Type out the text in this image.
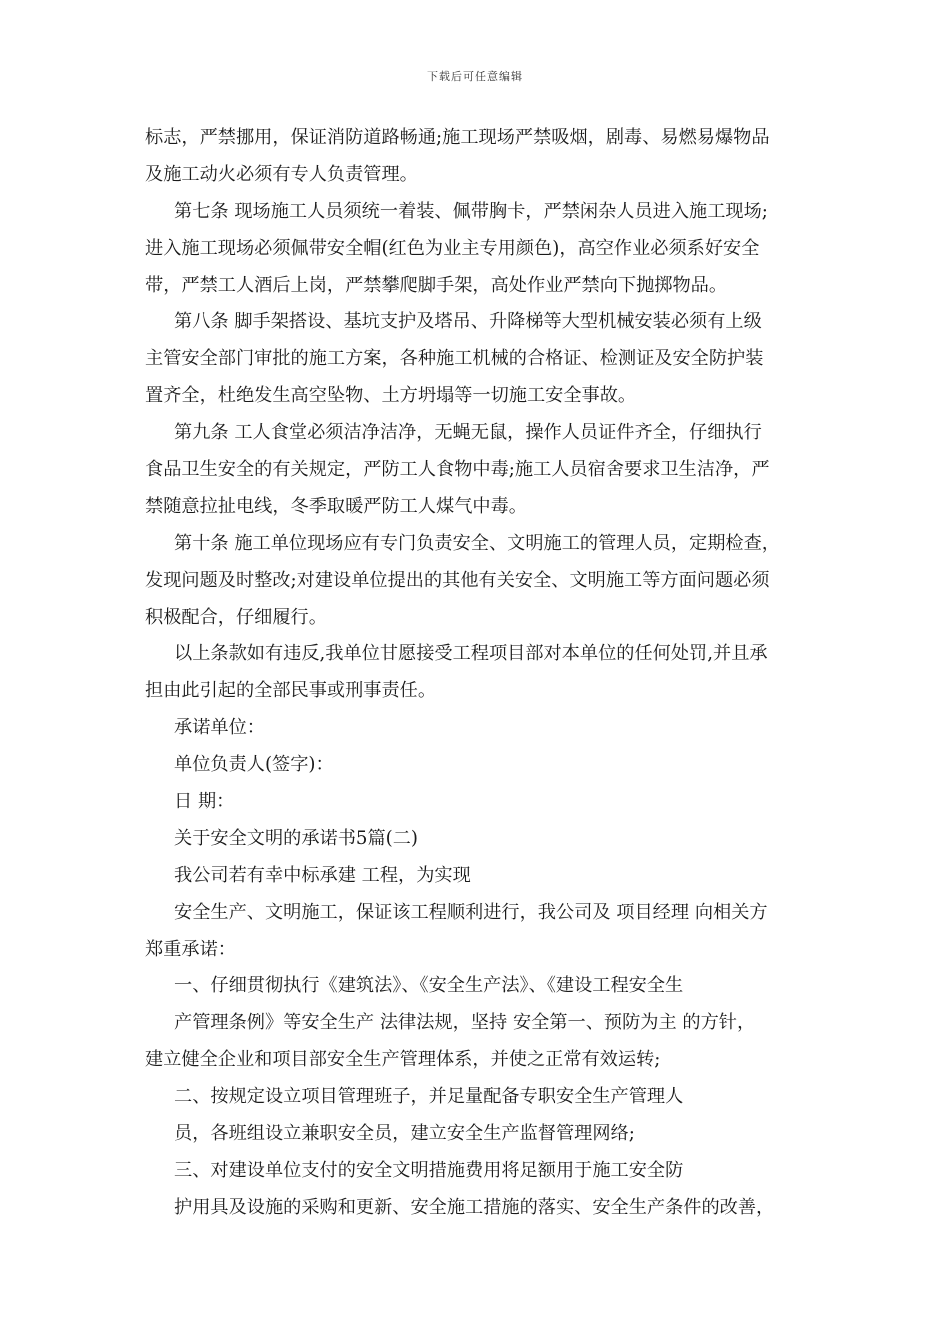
下载后可任意编辑
标志，严禁挪用，保证消防道路畅通;施工现场严禁吸烟，剧毒、易燃易爆物品
及施工动火必须有专人负责管理。
第七条 现场施工人员须统一着装、佩带胸卡，严禁闲杂人员进入施工现场;
进入施工现场必须佩带安全帽(红色为业主专用颜色)，高空作业必须系好安全
带，严禁工人酒后上岗，严禁攀爬脚手架，高处作业严禁向下抛掷物品。
第八条 脚手架搭设、基坑支护及塔吊、升降梯等大型机械安装必须有上级
主管安全部门审批的施工方案，各种施工机械的合格证、检测证及安全防护装
置齐全，杜绝发生高空坠物、土方坍塌等一切施工安全事故。
第九条 工人食堂必须洁净洁净，无蝇无鼠，操作人员证件齐全，仔细执行
食品卫生安全的有关规定，严防工人食物中毒;施工人员宿舍要求卫生洁净，严
禁随意拉扯电线，冬季取暖严防工人煤气中毒。
第十条 施工单位现场应有专门负责安全、文明施工的管理人员，定期检查，
发现问题及时整改;对建设单位提出的其他有关安全、文明施工等方面问题必须
积极配合，仔细履行。
以上条款如有违反,我单位甘愿接受工程项目部对本单位的任何处罚,并且承
担由此引起的全部民事或刑事责任。
承诺单位：
单位负责人(签字)：
日 期：
关于安全文明的承诺书5篇(二)
我公司若有幸中标承建 工程，为实现
安全生产、文明施工，保证该工程顺利进行，我公司及 项目经理 向相关方
郑重承诺：
一、仔细贯彻执行《建筑法》、《安全生产法》、《建设工程安全生
产管理条例》等安全生产 法律法规，坚持 安全第一、预防为主 的方针，
建立健全企业和项目部安全生产管理体系，并使之正常有效运转;
二、按规定设立项目管理班子，并足量配备专职安全生产管理人
员，各班组设立兼职安全员，建立安全生产监督管理网络;
三、对建设单位支付的安全文明措施费用将足额用于施工安全防
护用具及设施的采购和更新、安全施工措施的落实、安全生产条件的改善，
